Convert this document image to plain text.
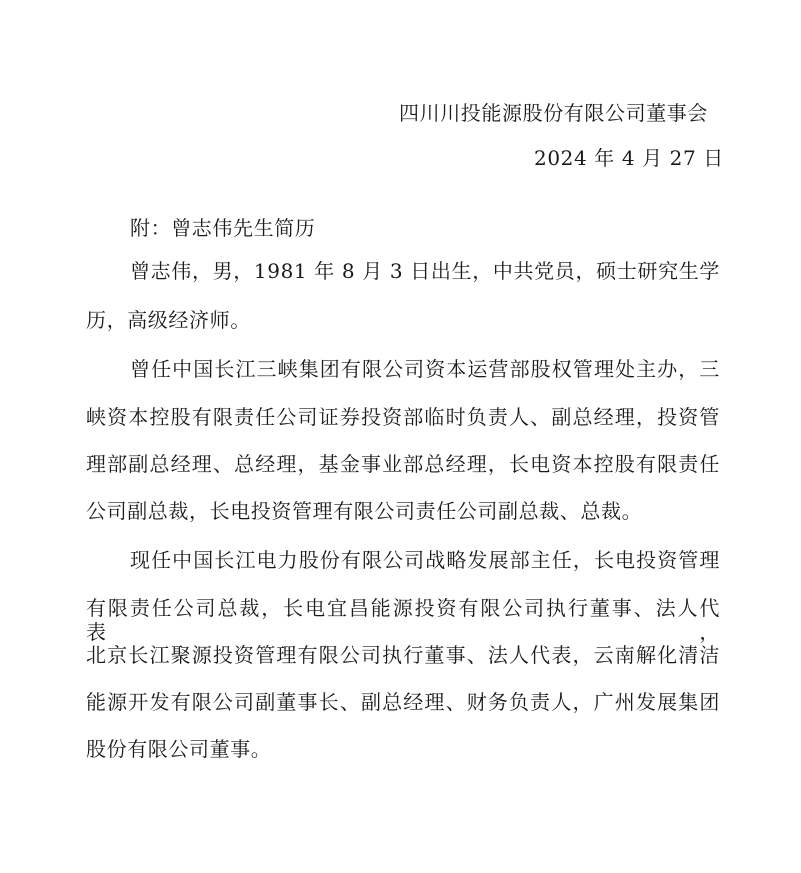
四川川投能源股份有限公司董事会
2024 年 4 月 27 日
附：曾志伟先生简历
曾志伟，男，1981 年 8 月 3 日出生，中共党员，硕士研究生学
历，高级经济师。
曾任中国长江三峡集团有限公司资本运营部股权管理处主办，三
峡资本控股有限责任公司证券投资部临时负责人、副总经理，投资管
理部副总经理、总经理，基金事业部总经理，长电资本控股有限责任
公司副总裁，长电投资管理有限公司责任公司副总裁、总裁。
现任中国长江电力股份有限公司战略发展部主任，长电投资管理
有限责任公司总裁，长电宜昌能源投资有限公司执行董事、法人代表，
北京长江聚源投资管理有限公司执行董事、法人代表，云南解化清洁
能源开发有限公司副董事长、副总经理、财务负责人，广州发展集团
股份有限公司董事。
